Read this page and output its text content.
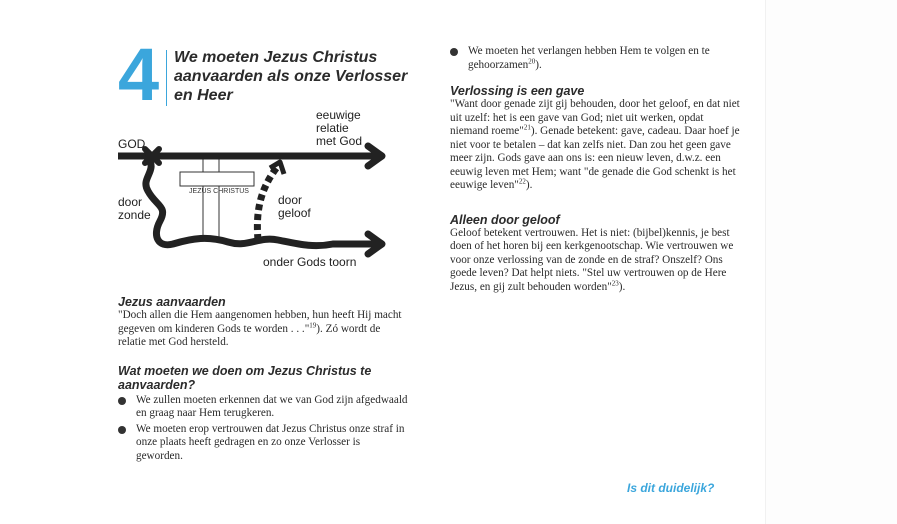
4 We moeten Jezus Christus aanvaarden als onze Verlosser en Heer
JEZUS CHRISTUS
GOD
eeuwige
relatie
met God
door
zonde
door
geloof
onder Gods toorn
Jezus aanvaarden

"Doch allen die Hem aangenomen hebben, hun heeft Hij macht gegeven om kinderen Gods te worden . . ."$^{19}$). Zó wordt de relatie met God hersteld.

Wat moeten we doen om Jezus Christus te aanvaarden?
We zullen moeten erkennen dat we van God zijn afgedwaald en graag naar Hem terugkeren.
We moeten erop vertrouwen dat Jezus Christus onze straf in onze plaats heeft gedragen en zo onze Verlosser is geworden.
We moeten het verlangen hebben Hem te volgen en te gehoorzamen$^{20}$).
Verlossing is een gave

"Want door genade zijt gij behouden, door het geloof, en dat niet uit uzelf: het is een gave van God; niet uit werken, opdat niemand roeme"$^{21}$). Genade betekent: gave, cadeau. Daar hoef je niet voor te betalen – dat kan zelfs niet. Dan zou het geen gave meer zijn. Gods gave aan ons is: een nieuw leven, d.w.z. een eeuwig leven met Hem; want "de genade die God schenkt is het eeuwige leven"$^{22}$).

Alleen door geloof

Geloof betekent vertrouwen. Het is niet: (bijbel)kennis, je best doen of het horen bij een kerkgenootschap. Wie vertrouwen we voor onze verlossing van de zonde en de straf? Onszelf? Ons goede leven? Dat helpt niets. "Stel uw vertrouwen op de Here Jezus, en gij zult behouden worden"$^{23}$).

Is dit duidelijk?
